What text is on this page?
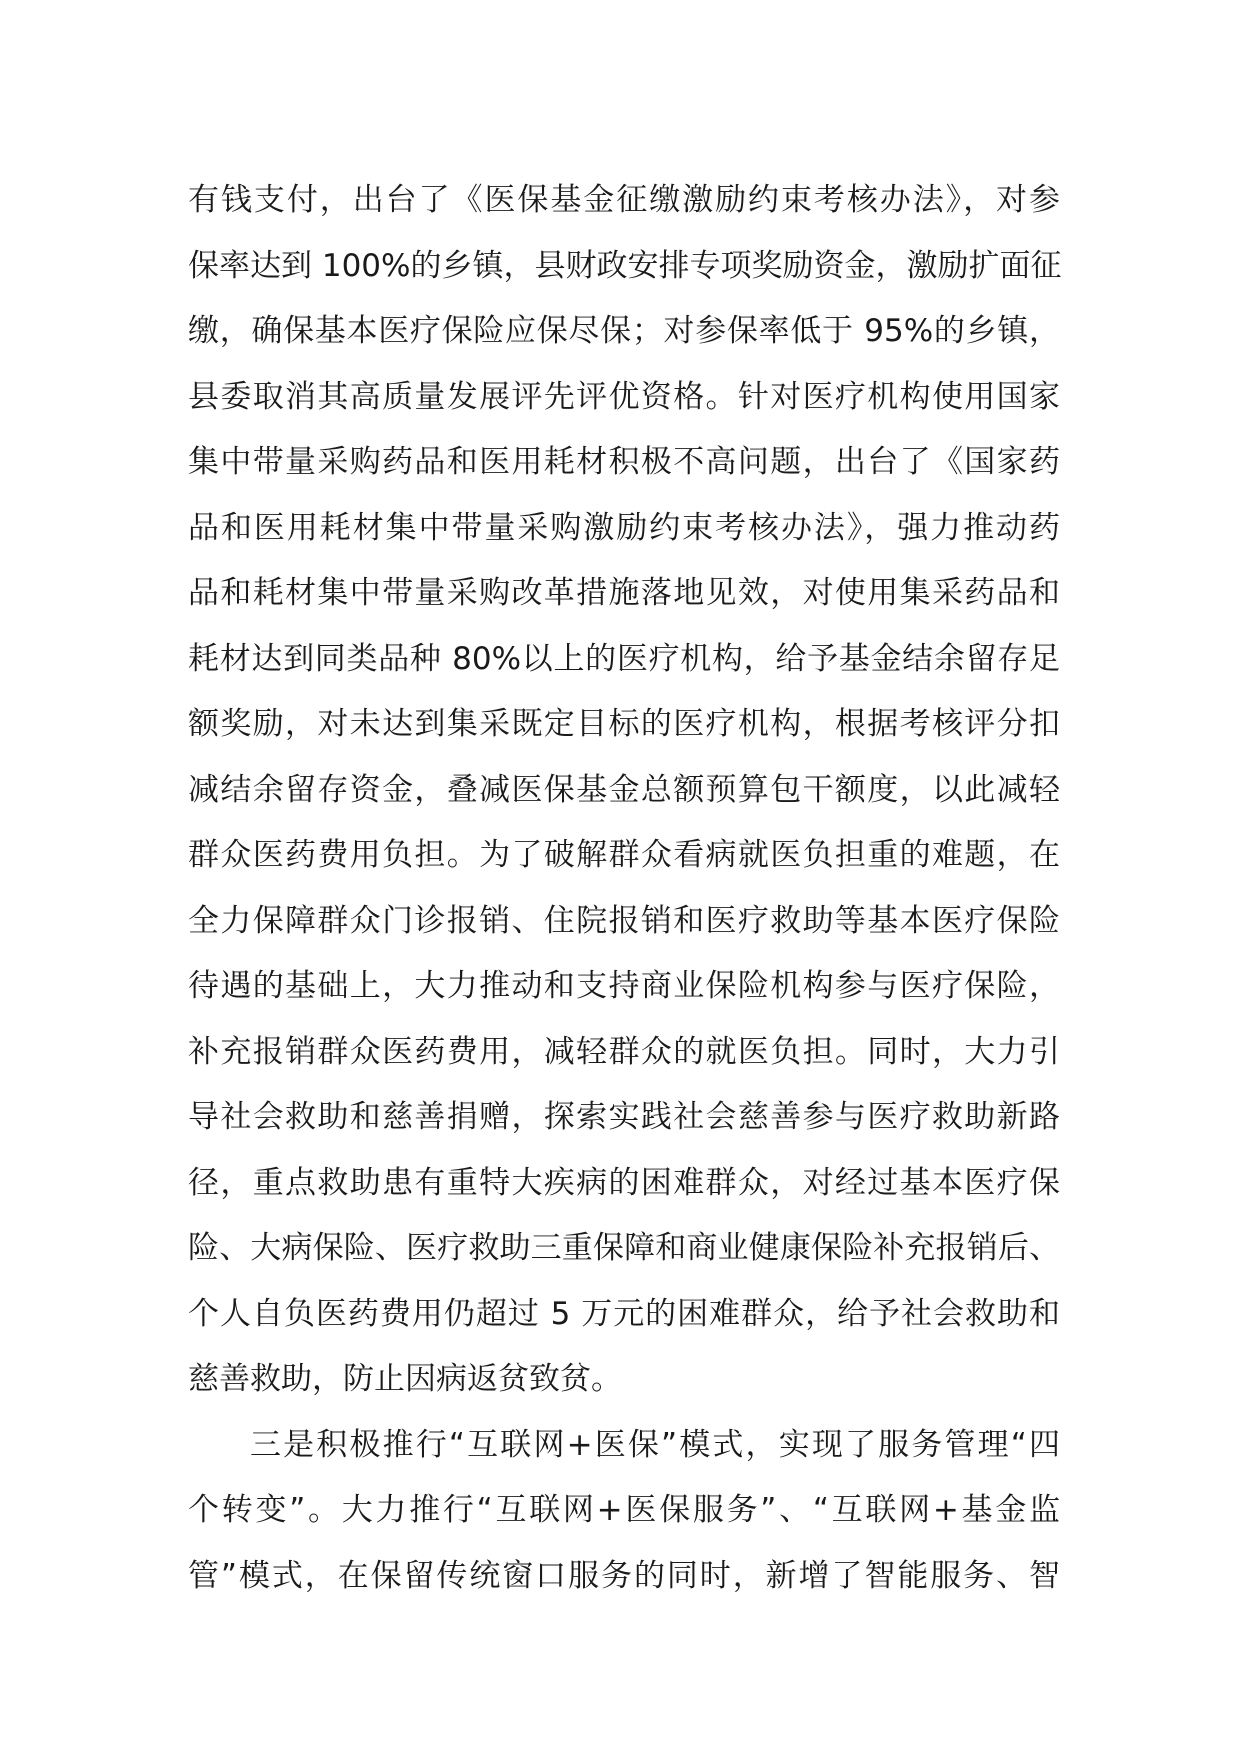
有钱支付，出台了《医保基金征缴激励约束考核办法》，对参
保率达到 100%的乡镇，县财政安排专项奖励资金，激励扩面征
缴，确保基本医疗保险应保尽保；对参保率低于 95%的乡镇，
县委取消其高质量发展评先评优资格。针对医疗机构使用国家
集中带量采购药品和医用耗材积极不高问题，出台了《国家药
品和医用耗材集中带量采购激励约束考核办法》，强力推动药
品和耗材集中带量采购改革措施落地见效，对使用集采药品和
耗材达到同类品种 80%以上的医疗机构，给予基金结余留存足
额奖励，对未达到集采既定目标的医疗机构，根据考核评分扣
减结余留存资金，叠减医保基金总额预算包干额度，以此减轻
群众医药费用负担。为了破解群众看病就医负担重的难题，在
全力保障群众门诊报销、住院报销和医疗救助等基本医疗保险
待遇的基础上，大力推动和支持商业保险机构参与医疗保险，
补充报销群众医药费用，减轻群众的就医负担。同时，大力引
导社会救助和慈善捐赠，探索实践社会慈善参与医疗救助新路
径，重点救助患有重特大疾病的困难群众，对经过基本医疗保
险、大病保险、医疗救助三重保障和商业健康保险补充报销后、
个人自负医药费用仍超过 5 万元的困难群众，给予社会救助和
慈善救助，防止因病返贫致贫。
三是积极推行“互联网+医保”模式，实现了服务管理“四
个转变”。大力推行“互联网+医保服务”、“互联网+基金监
管”模式，在保留传统窗口服务的同时，新增了智能服务、智
